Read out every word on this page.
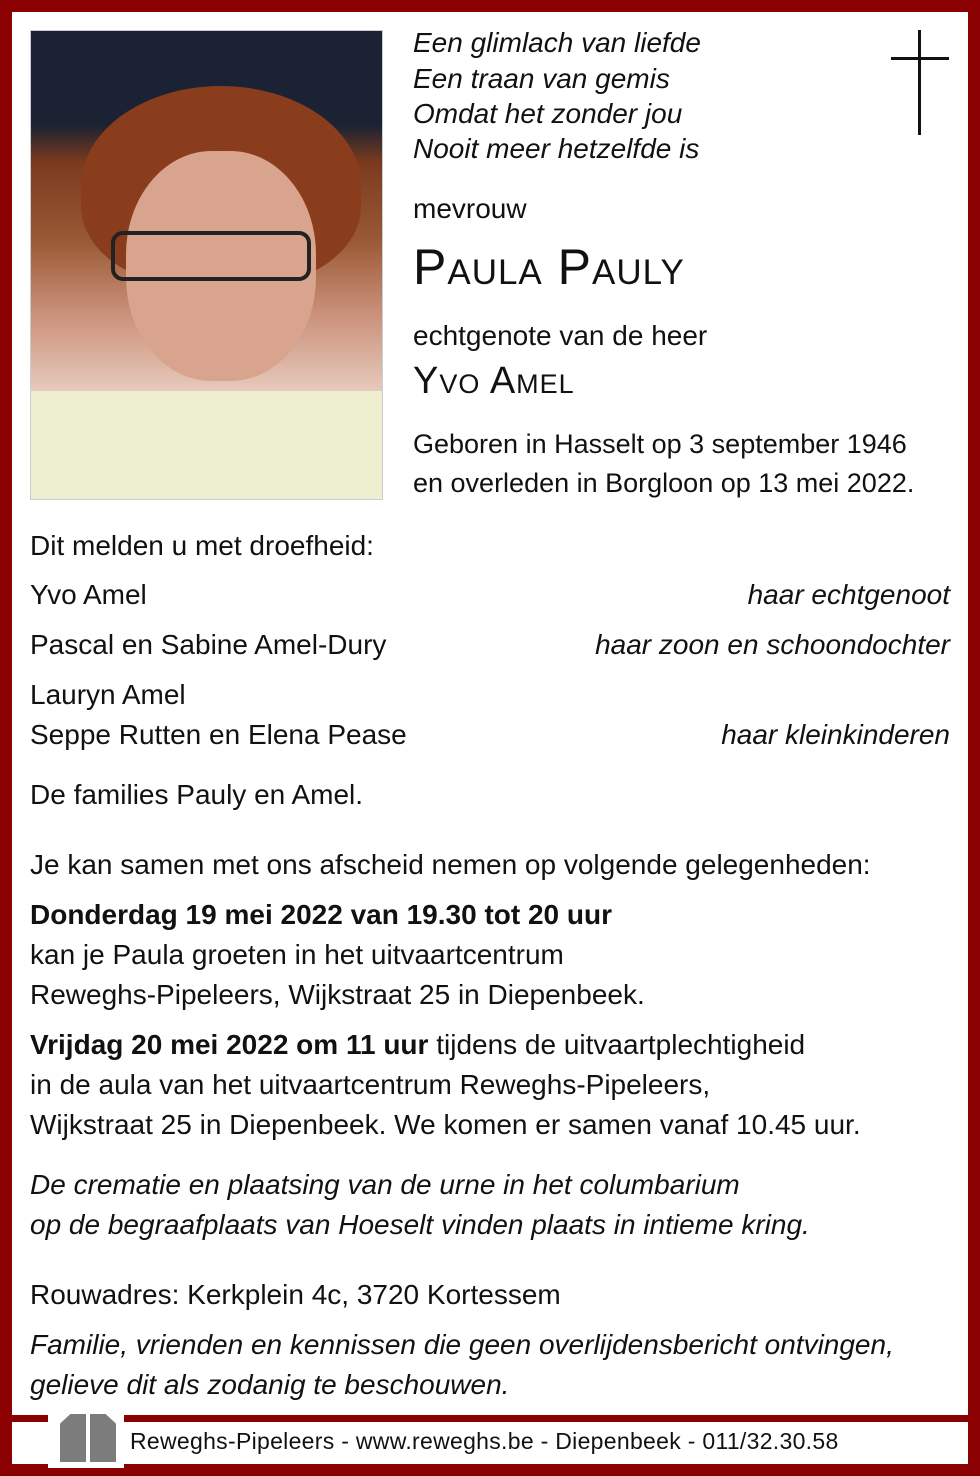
Een glimlach van liefde
Een traan van gemis
Omdat het zonder jou
Nooit meer hetzelfde is
mevrouw
Paula Pauly
echtgenote van de heer
Yvo Amel
Geboren in Hasselt op 3 september 1946
en overleden in Borgloon op 13 mei 2022.
Dit melden u met droefheid:
Yvo Amel	haar echtgenoot
Pascal en Sabine Amel-Dury	haar zoon en schoondochter
Lauryn Amel
Seppe Rutten en Elena Pease	haar kleinkinderen
De families Pauly en Amel.
Je kan samen met ons afscheid nemen op volgende gelegenheden:
Donderdag 19 mei 2022 van 19.30 tot 20 uur
kan je Paula groeten in het uitvaartcentrum
Reweghs-Pipeleers, Wijkstraat 25 in Diepenbeek.
Vrijdag 20 mei 2022 om 11 uur tijdens de uitvaartplechtigheid
in de aula van het uitvaartcentrum Reweghs-Pipeleers,
Wijkstraat 25 in Diepenbeek. We komen er samen vanaf 10.45 uur.
De crematie en plaatsing van de urne in het columbarium
op de begraafplaats van Hoeselt vinden plaats in intieme kring.
Rouwadres: Kerkplein 4c, 3720 Kortessem
Familie, vrienden en kennissen die geen overlijdensbericht ontvingen,
gelieve dit als zodanig te beschouwen.
Reweghs-Pipeleers - www.reweghs.be - Diepenbeek - 011/32.30.58
